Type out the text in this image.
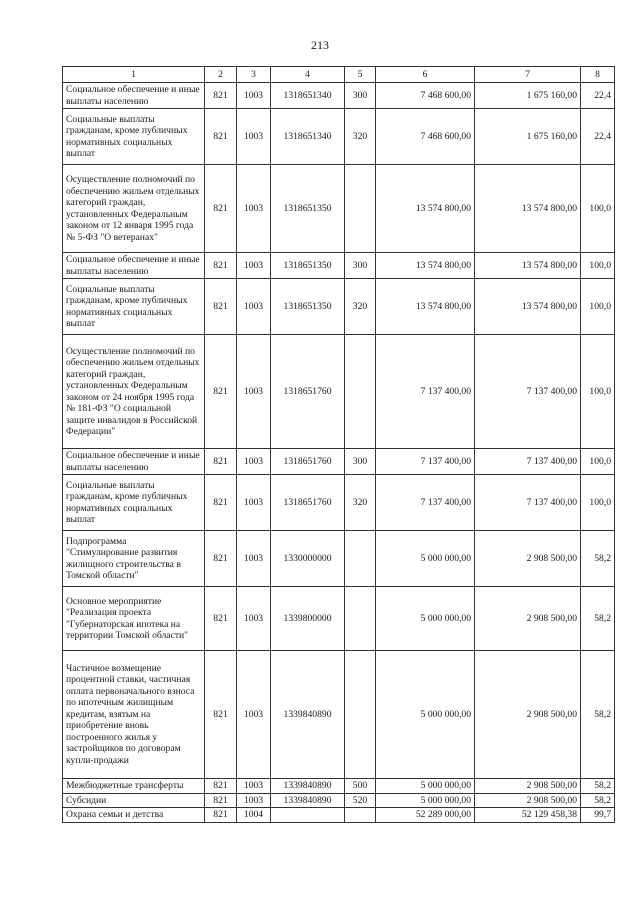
213
1	2	3	4	5	6	7	8
Социальное обеспечение и иные выплаты населению	821	1003	1318651340	300	7 468 600,00	1 675 160,00	22,4
Социальные выплаты гражданам, кроме публичных нормативных социальных выплат	821	1003	1318651340	320	7 468 600,00	1 675 160,00	22,4
Осуществление полномочий по обеспечению жильем отдельных категорий граждан, установленных Федеральным законом от 12 января 1995 года № 5-ФЗ "О ветеранах"	821	1003	1318651350		13 574 800,00	13 574 800,00	100,0
Социальное обеспечение и иные выплаты населению	821	1003	1318651350	300	13 574 800,00	13 574 800,00	100,0
Социальные выплаты гражданам, кроме публичных нормативных социальных выплат	821	1003	1318651350	320	13 574 800,00	13 574 800,00	100,0
Осуществление полномочий по обеспечению жильем отдельных категорий граждан, установленных Федеральным законом от 24 ноября 1995 года № 181-ФЗ "О социальной защите инвалидов в Российской Федерации"	821	1003	1318651760		7 137 400,00	7 137 400,00	100,0
Социальное обеспечение и иные выплаты населению	821	1003	1318651760	300	7 137 400,00	7 137 400,00	100,0
Социальные выплаты гражданам, кроме публичных нормативных социальных выплат	821	1003	1318651760	320	7 137 400,00	7 137 400,00	100,0
Подпрограмма "Стимулирование развития жилищного строительства в Томской области"	821	1003	1330000000		5 000 000,00	2 908 500,00	58,2
Основное мероприятие "Реализация проекта "Губернаторская ипотека на территории Томской области"	821	1003	1339800000		5 000 000,00	2 908 500,00	58,2
Частичное возмещение процентной ставки, частичная оплата первоначального взноса по ипотечным жилищным кредитам, взятым на приобретение вновь построенного жилья у застройщиков по договорам купли-продажи	821	1003	1339840890		5 000 000,00	2 908 500,00	58,2
Межбюджетные трансферты	821	1003	1339840890	500	5 000 000,00	2 908 500,00	58,2
Субсидии	821	1003	1339840890	520	5 000 000,00	2 908 500,00	58,2
Охрана семьи и детства	821	1004			52 289 000,00	52 129 458,38	99,7
